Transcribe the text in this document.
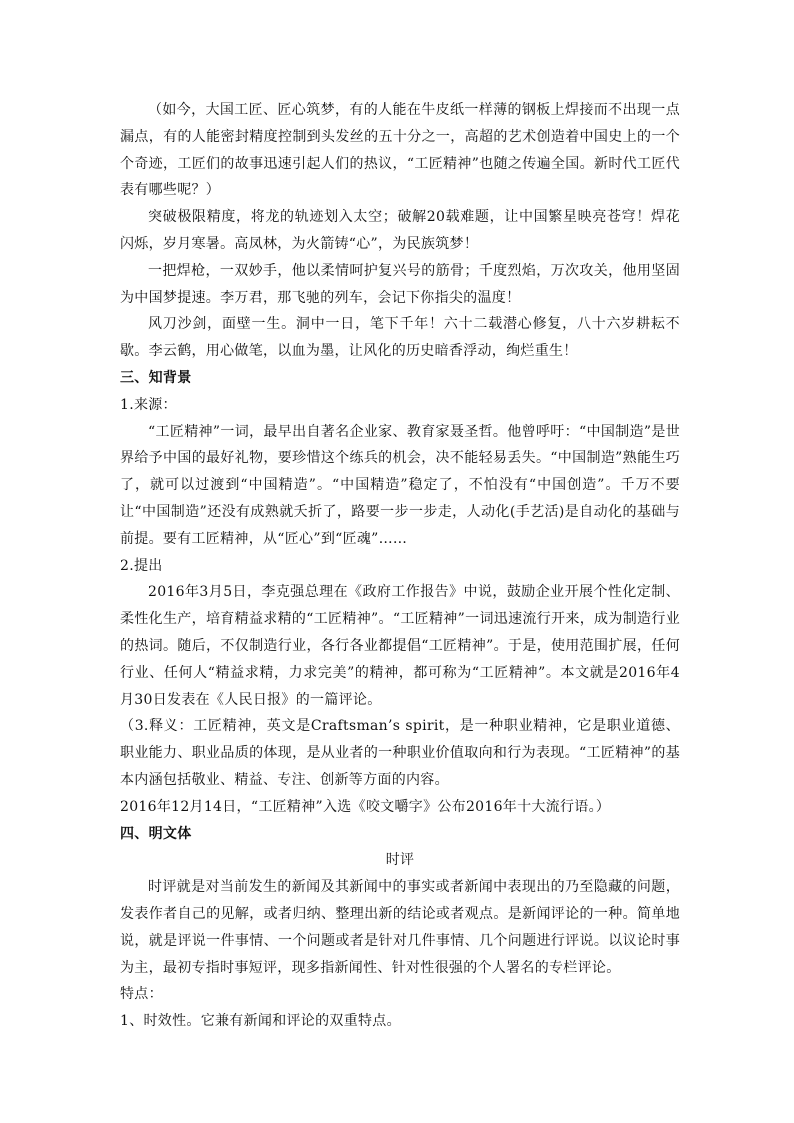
（如今，大国工匠、匠心筑梦，有的人能在牛皮纸一样薄的钢板上焊接而不出现一点漏点，有的人能密封精度控制到头发丝的五十分之一，高超的艺术创造着中国史上的一个个奇迹，工匠们的故事迅速引起人们的热议，“工匠精神”也随之传遍全国。新时代工匠代表有哪些呢？）

突破极限精度，将龙的轨迹划入太空；破解20载难题，让中国繁星映亮苍穹！焊花闪烁，岁月寒暑。高凤林，为火箭铸“心”，为民族筑梦！

一把焊枪，一双妙手，他以柔情呵护复兴号的筋骨；千度烈焰，万次攻关，他用坚固为中国梦提速。李万君，那飞驰的列车，会记下你指尖的温度！

风刀沙剑，面壁一生。洞中一日，笔下千年！六十二载潜心修复，八十六岁耕耘不歇。李云鹤，用心做笔，以血为墨，让风化的历史暗香浮动，绚烂重生！

三、知背景

1.来源：

“工匠精神”一词，最早出自著名企业家、教育家聂圣哲。他曾呼吁：“中国制造”是世界给予中国的最好礼物，要珍惜这个练兵的机会，决不能轻易丢失。“中国制造”熟能生巧了，就可以过渡到“中国精造”。“中国精造”稳定了，不怕没有“中国创造”。千万不要让“中国制造”还没有成熟就夭折了，路要一步一步走，人动化(手艺活)是自动化的基础与前提。要有工匠精神，从“匠心”到“匠魂”……

2.提出

2016年3月5日，李克强总理在《政府工作报告》中说，鼓励企业开展个性化定制、柔性化生产，培育精益求精的“工匠精神”。“工匠精神”一词迅速流行开来，成为制造行业的热词。随后，不仅制造行业，各行各业都提倡“工匠精神”。于是，使用范围扩展，任何行业、任何人“精益求精，力求完美”的精神，都可称为“工匠精神”。本文就是2016年4月30日发表在《人民日报》的一篇评论。

（3.释义：工匠精神，英文是Craftsman’s spirit，是一种职业精神，它是职业道德、职业能力、职业品质的体现，是从业者的一种职业价值取向和行为表现。“工匠精神”的基本内涵包括敬业、精益、专注、创新等方面的内容。

2016年12月14日，“工匠精神”入选《咬文嚼字》公布2016年十大流行语。）

四、明文体

时评

时评就是对当前发生的新闻及其新闻中的事实或者新闻中表现出的乃至隐藏的问题，发表作者自己的见解，或者归纳、整理出新的结论或者观点。是新闻评论的一种。简单地说，就是评说一件事情、一个问题或者是针对几件事情、几个问题进行评说。以议论时事为主，最初专指时事短评，现多指新闻性、针对性很强的个人署名的专栏评论。

特点：

1、时效性。它兼有新闻和评论的双重特点。
